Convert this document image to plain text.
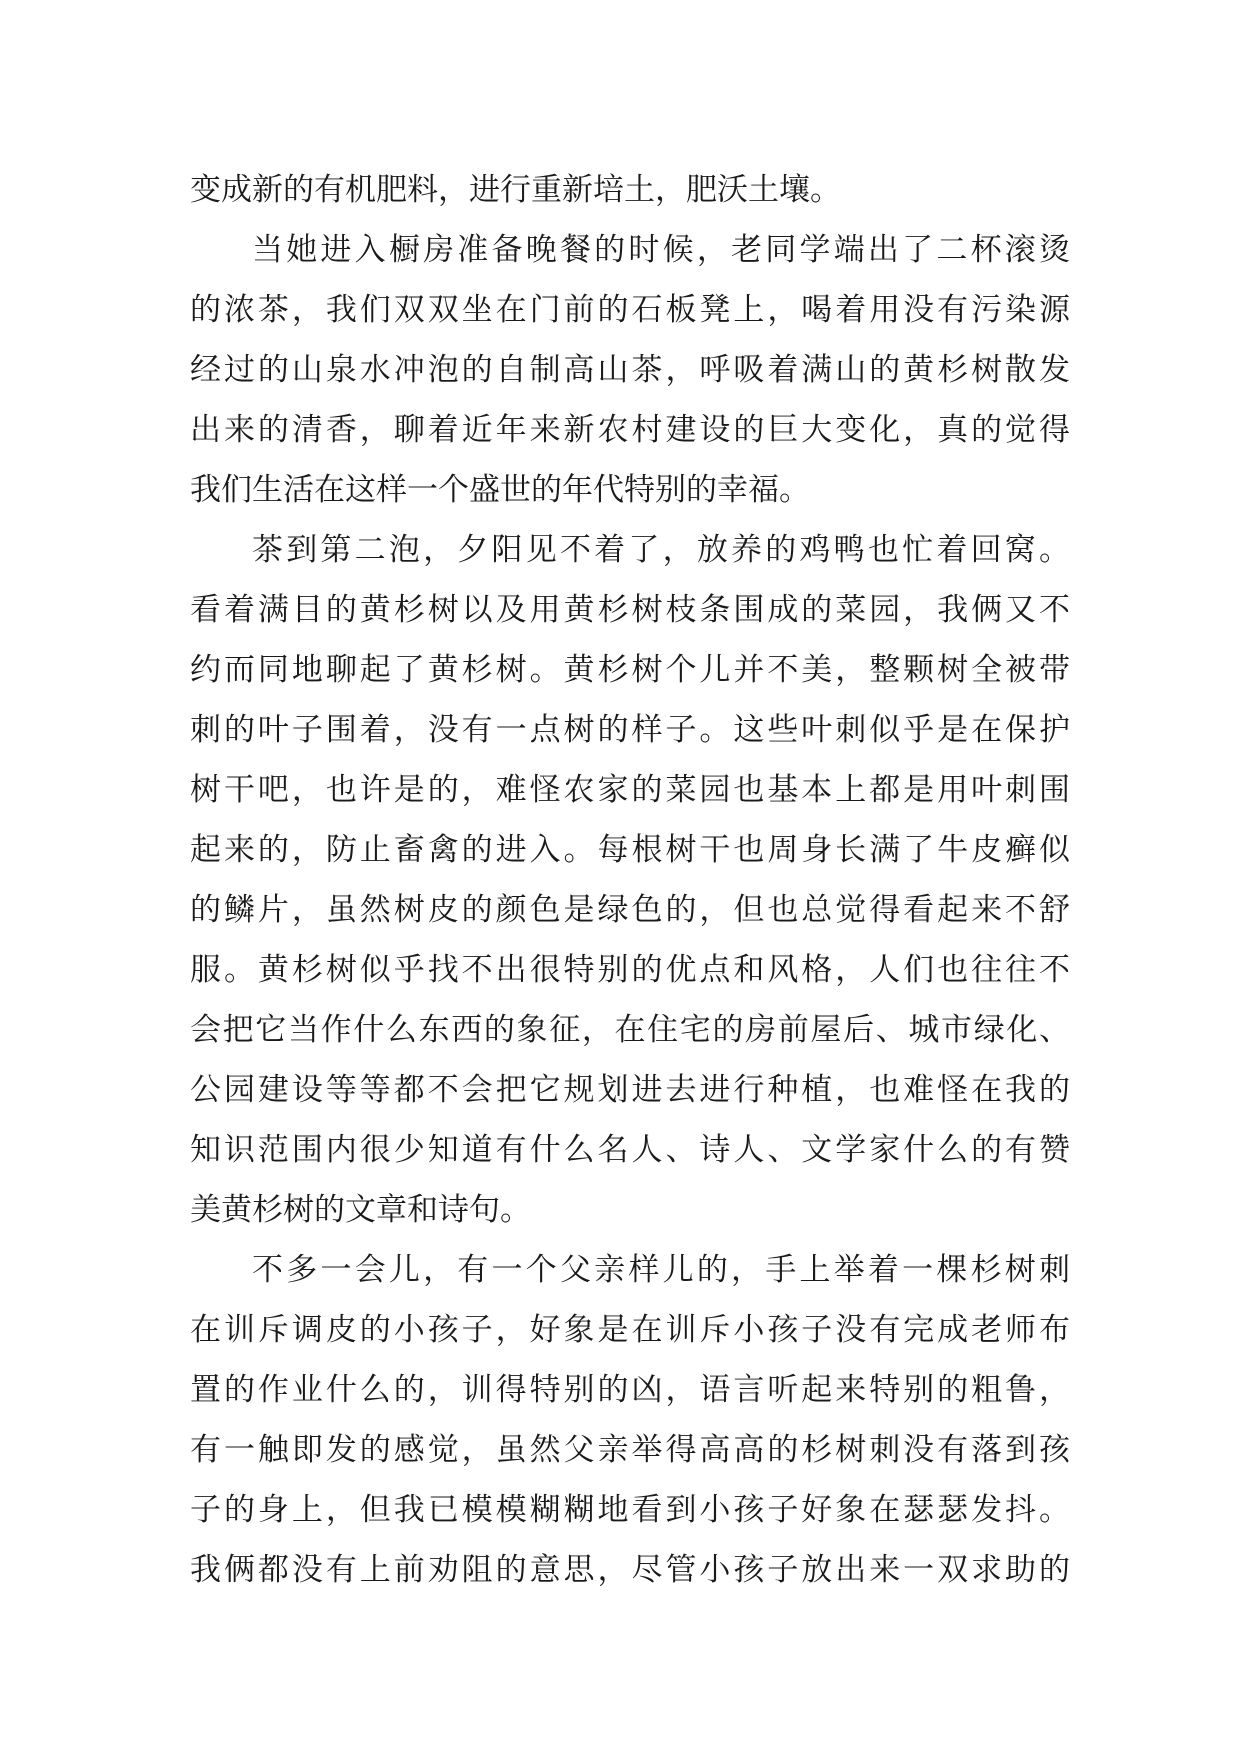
变成新的有机肥料，进行重新培土，肥沃土壤。
当她进入橱房准备晚餐的时候，老同学端出了二杯滚烫
的浓茶，我们双双坐在门前的石板凳上，喝着用没有污染源
经过的山泉水冲泡的自制高山茶，呼吸着满山的黄杉树散发
出来的清香，聊着近年来新农村建设的巨大变化，真的觉得
我们生活在这样一个盛世的年代特别的幸福。
茶到第二泡，夕阳见不着了，放养的鸡鸭也忙着回窝。
看着满目的黄杉树以及用黄杉树枝条围成的菜园，我俩又不
约而同地聊起了黄杉树。黄杉树个儿并不美，整颗树全被带
刺的叶子围着，没有一点树的样子。这些叶刺似乎是在保护
树干吧，也许是的，难怪农家的菜园也基本上都是用叶刺围
起来的，防止畜禽的进入。每根树干也周身长满了牛皮癣似
的鳞片，虽然树皮的颜色是绿色的，但也总觉得看起来不舒
服。黄杉树似乎找不出很特别的优点和风格，人们也往往不
会把它当作什么东西的象征，在住宅的房前屋后、城市绿化、
公园建设等等都不会把它规划进去进行种植，也难怪在我的
知识范围内很少知道有什么名人、诗人、文学家什么的有赞
美黄杉树的文章和诗句。
不多一会儿，有一个父亲样儿的，手上举着一棵杉树刺
在训斥调皮的小孩子，好象是在训斥小孩子没有完成老师布
置的作业什么的，训得特别的凶，语言听起来特别的粗鲁，
有一触即发的感觉，虽然父亲举得高高的杉树刺没有落到孩
子的身上，但我已模模糊糊地看到小孩子好象在瑟瑟发抖。
我俩都没有上前劝阻的意思，尽管小孩子放出来一双求助的
